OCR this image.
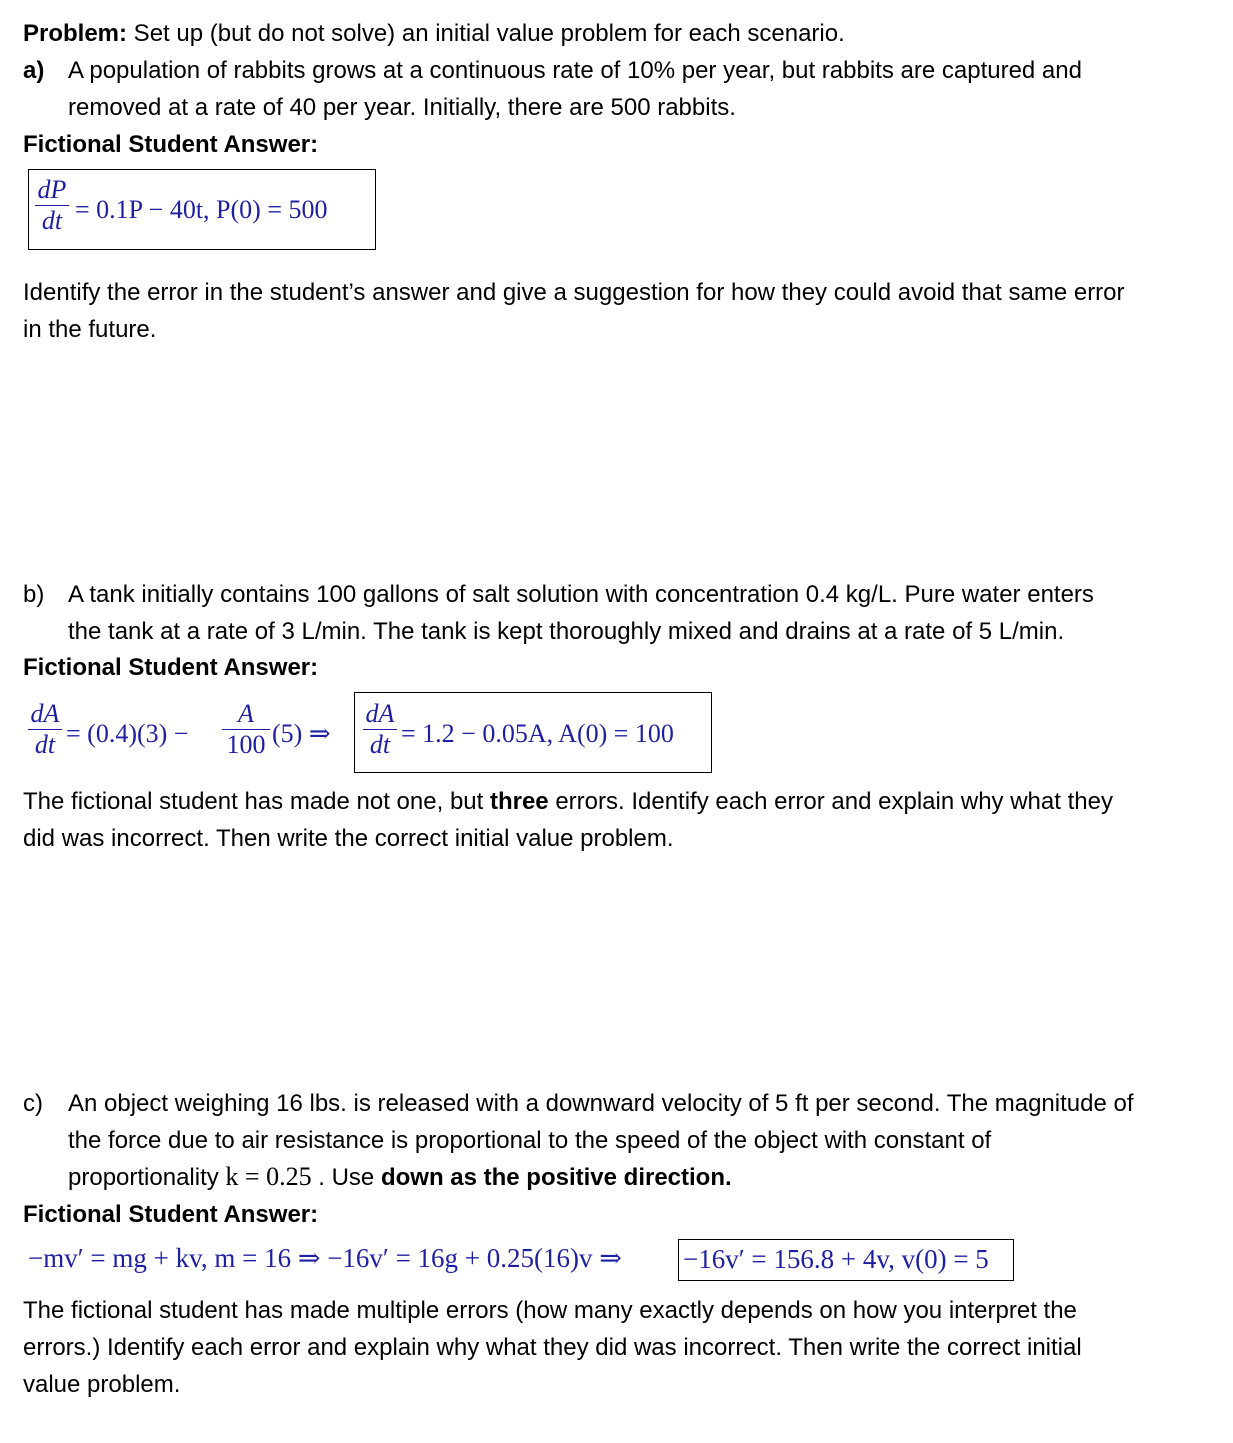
Problem: Set up (but do not solve) an initial value problem for each scenario.
a) A population of rabbits grows at a continuous rate of 10% per year, but rabbits are captured and
removed at a rate of 40 per year. Initially, there are 500 rabbits.
Fictional Student Answer:
dP
dt = 0.1P − 40t, P(0) = 500
Identify the error in the student’s answer and give a suggestion for how they could avoid that same error
in the future.
b) A tank initially contains 100 gallons of salt solution with concentration 0.4 kg/L. Pure water enters
the tank at a rate of 3 L/min. The tank is kept thoroughly mixed and drains at a rate of 5 L/min.
Fictional Student Answer:
dA
dt = (0.4)(3) −
A
100 (5) ⇒
dA
dt = 1.2 − 0.05A, A(0) = 100
The fictional student has made not one, but three errors. Identify each error and explain why what they
did was incorrect. Then write the correct initial value problem.
c) An object weighing 16 lbs. is released with a downward velocity of 5 ft per second. The magnitude of
the force due to air resistance is proportional to the speed of the object with constant of
proportionality k = 0.25 . Use down as the positive direction.
Fictional Student Answer:
−mv′ = mg + kv, m = 16 ⇒ −16v′ = 16g + 0.25(16)v ⇒ −16v′ = 156.8 + 4v, v(0) = 5
The fictional student has made multiple errors (how many exactly depends on how you interpret the
errors.) Identify each error and explain why what they did was incorrect. Then write the correct initial
value problem.
